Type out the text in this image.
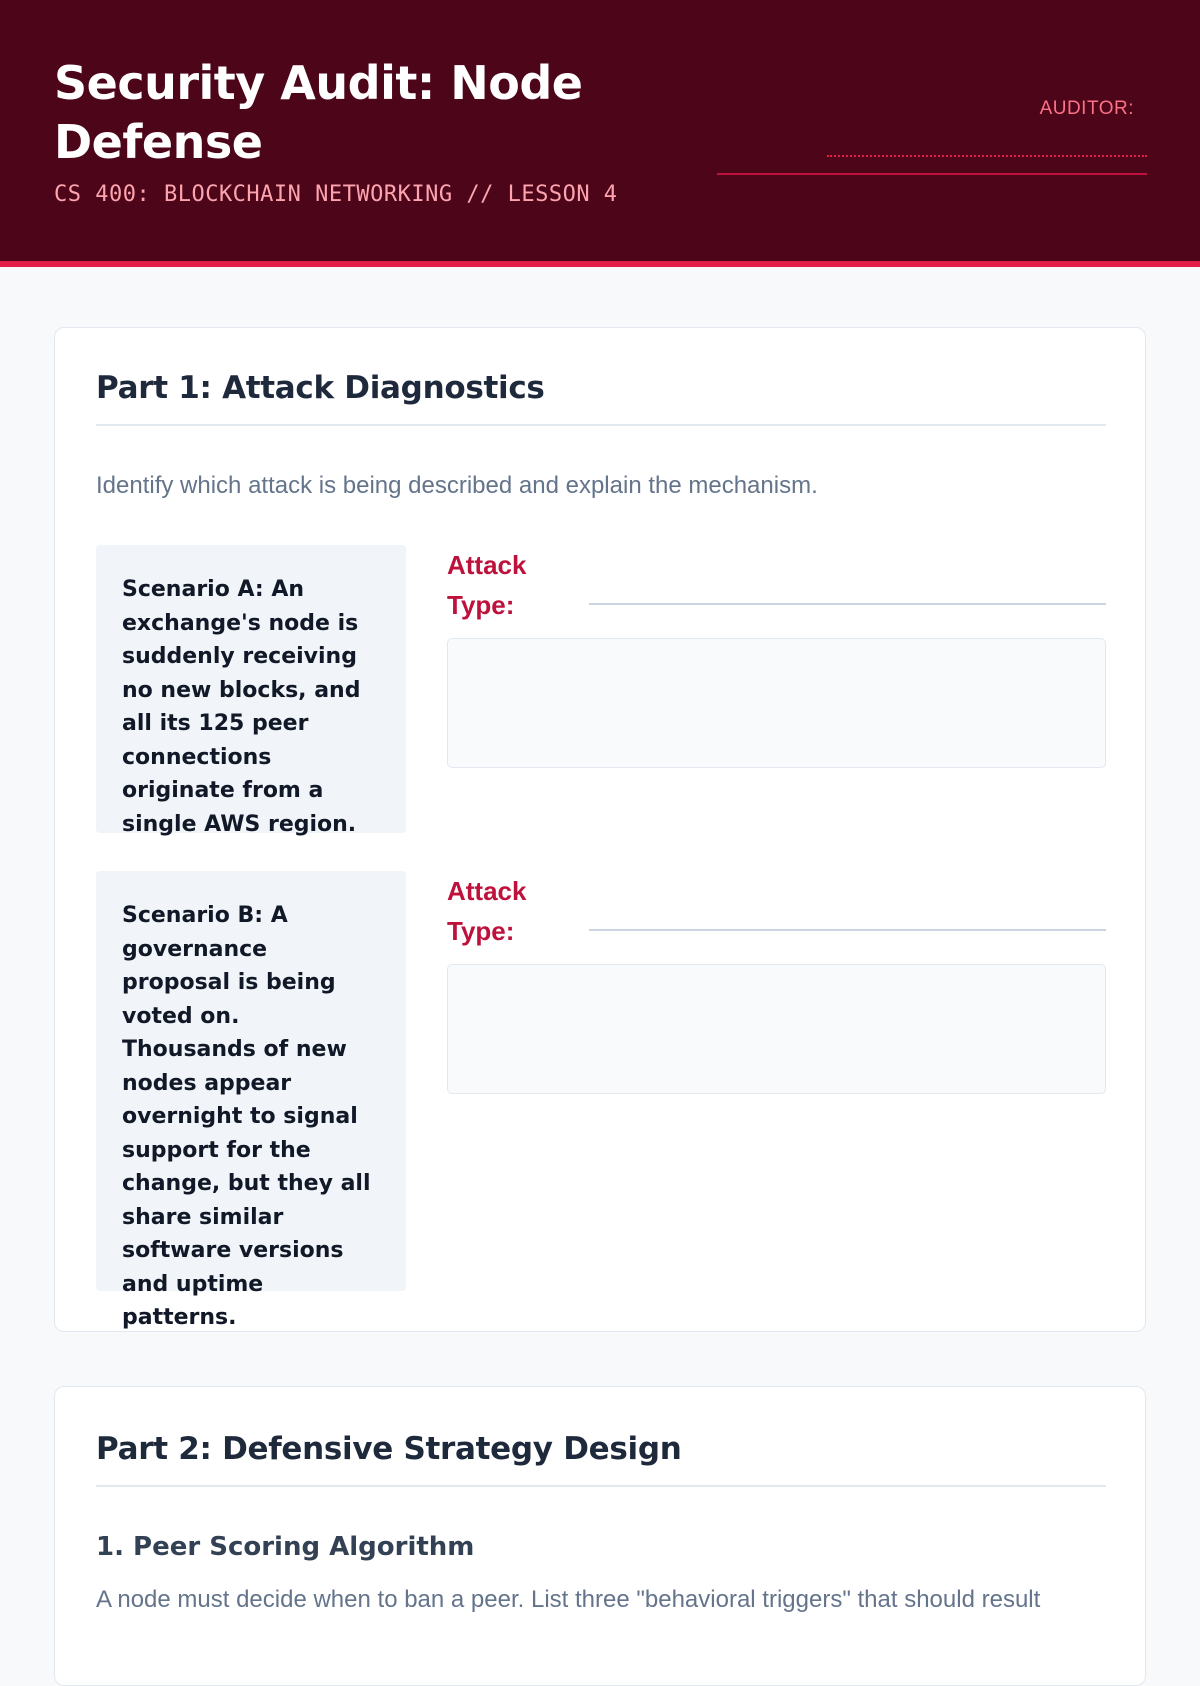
Security Audit: Node Defense
CS 400: BLOCKCHAIN NETWORKING // LESSON 4
AUDITOR:
Part 1: Attack Diagnostics

Identify which attack is being described and explain the mechanism.

Scenario A: An exchange's node is suddenly receiving no new blocks, and all its 125 peer connections originate from a single AWS region.
Attack Type:
Scenario B: A governance proposal is being voted on. Thousands of new nodes appear overnight to signal support for the change, but they all share similar software versions and uptime patterns.
Attack Type:
Part 2: Defensive Strategy Design
1. Peer Scoring Algorithm

A node must decide when to ban a peer. List three "behavioral triggers" that should result
